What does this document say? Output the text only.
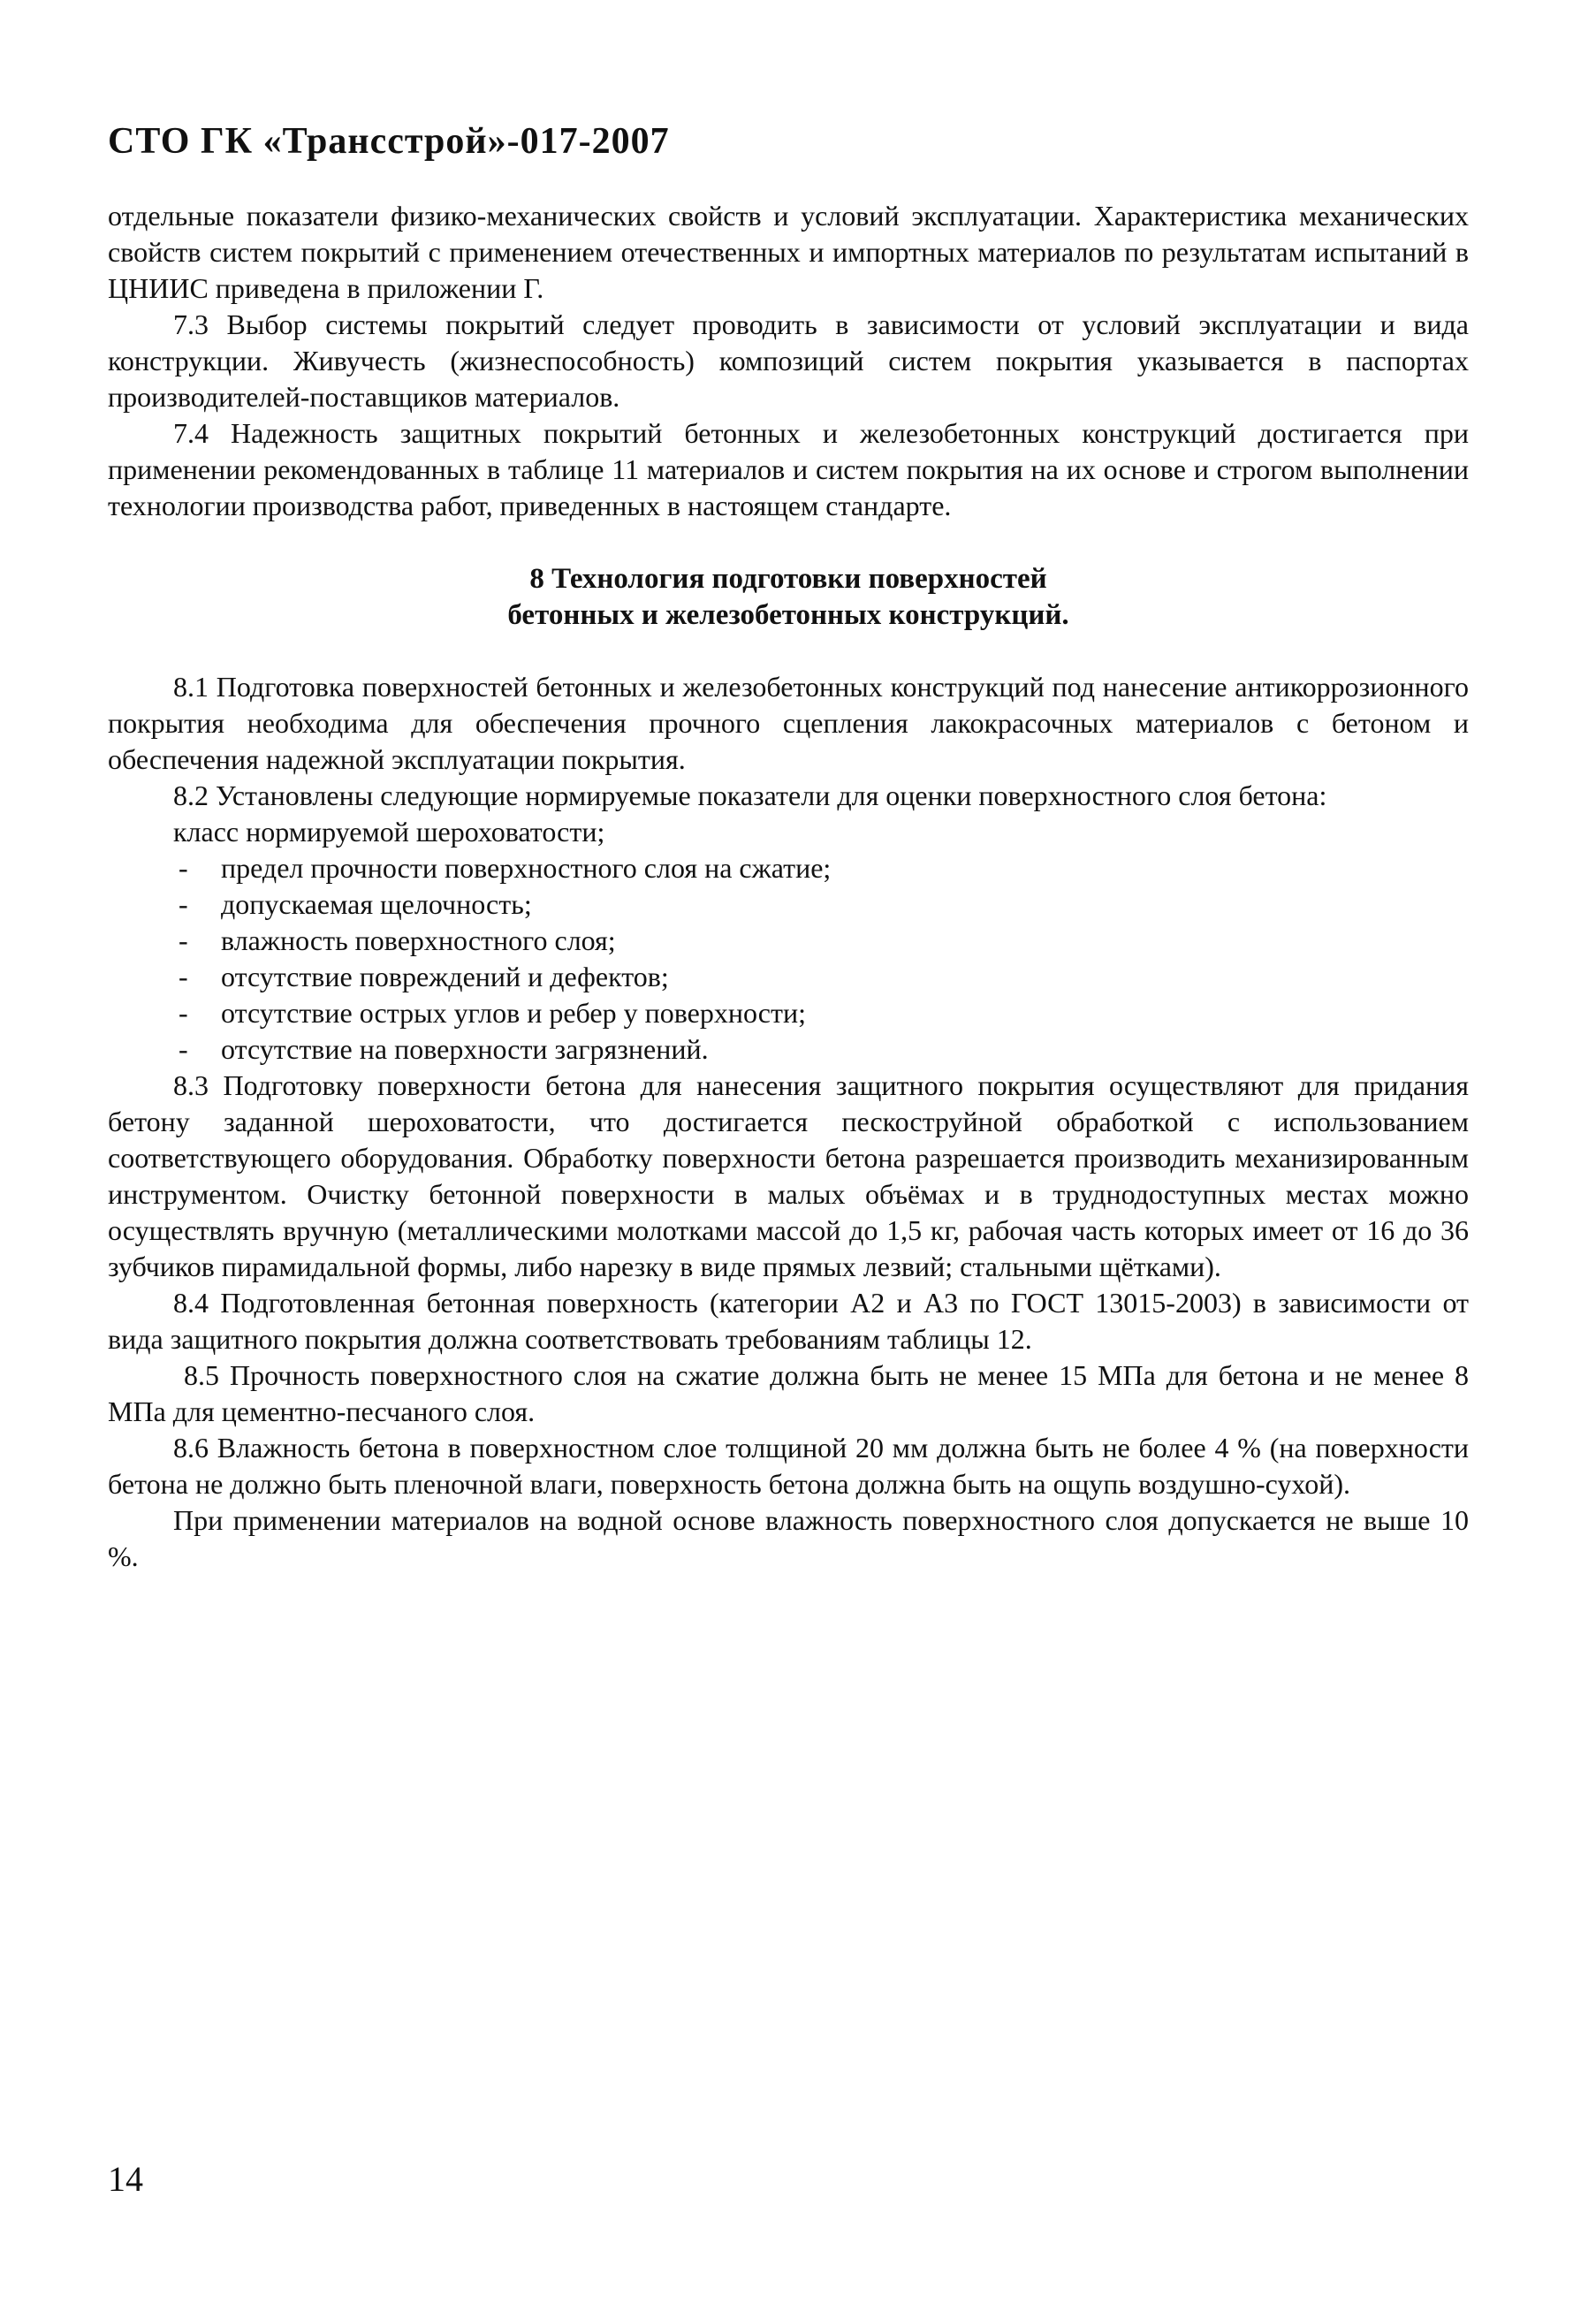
СТО ГК «Трансстрой»-017-2007

отдельные показатели физико-механических свойств и условий эксплуатации. Характеристика механических свойств систем покрытий с применением отечественных и импортных материалов по результатам испытаний в ЦНИИС приведена в приложении Г.

7.3 Выбор системы покрытий следует проводить в зависимости от условий эксплуатации и вида конструкции. Живучесть (жизнеспособность) композиций систем покрытия указывается в паспортах производителей-поставщиков материалов.

7.4 Надежность защитных покрытий бетонных и железобетонных конструкций достигается при применении рекомендованных в таблице 11 материалов и систем покрытия на их основе и строгом выполнении технологии производства работ, приведенных в настоящем стандарте.

8 Технология подготовки поверхностей
бетонных и железобетонных конструкций.

8.1 Подготовка поверхностей бетонных и железобетонных конструкций под нанесение антикоррозионного покрытия необходима для обеспечения прочного сцепления лакокрасочных материалов с бетоном и обеспечения надежной эксплуатации покрытия.

8.2 Установлены следующие нормируемые показатели для оценки поверхностного слоя бетона:

класс нормируемой шероховатости;

- предел прочности поверхностного слоя на сжатие;
- допускаемая щелочность;
- влажность поверхностного слоя;
- отсутствие повреждений и дефектов;
- отсутствие острых углов и ребер у поверхности;
- отсутствие на поверхности загрязнений.

8.3 Подготовку поверхности бетона для нанесения защитного покрытия осуществляют для придания бетону заданной шероховатости, что достигается пескоструйной обработкой с использованием соответствующего оборудования. Обработку поверхности бетона разрешается производить механизированным инструментом. Очистку бетонной поверхности в малых объёмах и в труднодоступных местах можно осуществлять вручную (металлическими молотками массой до 1,5 кг, рабочая часть которых имеет от 16 до 36 зубчиков пирамидальной формы, либо нарезку в виде прямых лезвий; стальными щётками).

8.4 Подготовленная бетонная поверхность (категории А2 и А3 по ГОСТ 13015-2003) в зависимости от вида защитного покрытия должна соответствовать требованиям таблицы 12.

8.5 Прочность поверхностного слоя на сжатие должна быть не менее 15 МПа для бетона и не менее 8 МПа для цементно-песчаного слоя.

8.6 Влажность бетона в поверхностном слое толщиной 20 мм должна быть не более 4 % (на поверхности бетона не должно быть пленочной влаги, поверхность бетона должна быть на ощупь воздушно-сухой).

При применении материалов на водной основе влажность поверхностного слоя допускается не выше 10 %.

14
